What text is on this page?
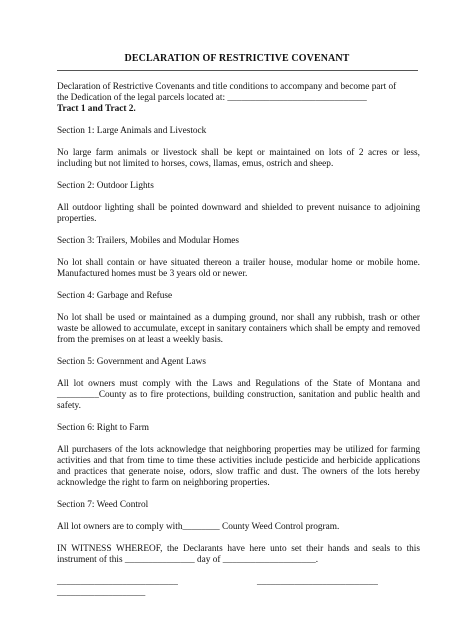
DECLARATION OF RESTRICTIVE COVENANT
Declaration of Restrictive Covenants and title conditions to accompany and become part of
the Dedication of the legal parcels located at: ______________________________
Tract 1 and Tract 2.
Section 1: Large Animals and Livestock
No large farm animals or livestock shall be kept or maintained on lots of 2 acres or less, including but not limited to horses, cows, llamas, emus, ostrich and sheep.
Section 2: Outdoor Lights
All outdoor lighting shall be pointed downward and shielded to prevent nuisance to adjoining properties.
Section 3: Trailers, Mobiles and Modular Homes
No lot shall contain or have situated thereon a trailer house, modular home or mobile home. Manufactured homes must be 3 years old or newer.
Section 4: Garbage and Refuse
No lot shall be used or maintained as a dumping ground, nor shall any rubbish, trash or other waste be allowed to accumulate, except in sanitary containers which shall be empty and removed from the premises on at least a weekly basis.
Section 5: Government and Agent Laws
All lot owners must comply with the Laws and Regulations of the State of Montana and _________County as to fire protections, building construction, sanitation and public health and safety.
Section 6: Right to Farm
All purchasers of the lots acknowledge that neighboring properties may be utilized for farming activities and that from time to time these activities include pesticide and herbicide applications and practices that generate noise, odors, slow traffic and dust. The owners of the lots hereby acknowledge the right to farm on neighboring properties.
Section 7: Weed Control
All lot owners are to comply with________ County Weed Control program.
IN WITNESS WHEREOF, the Declarants have here unto set their hands and seals to this instrument of this _______________ day of ____________________.
__________________________	__________________________
___________________
